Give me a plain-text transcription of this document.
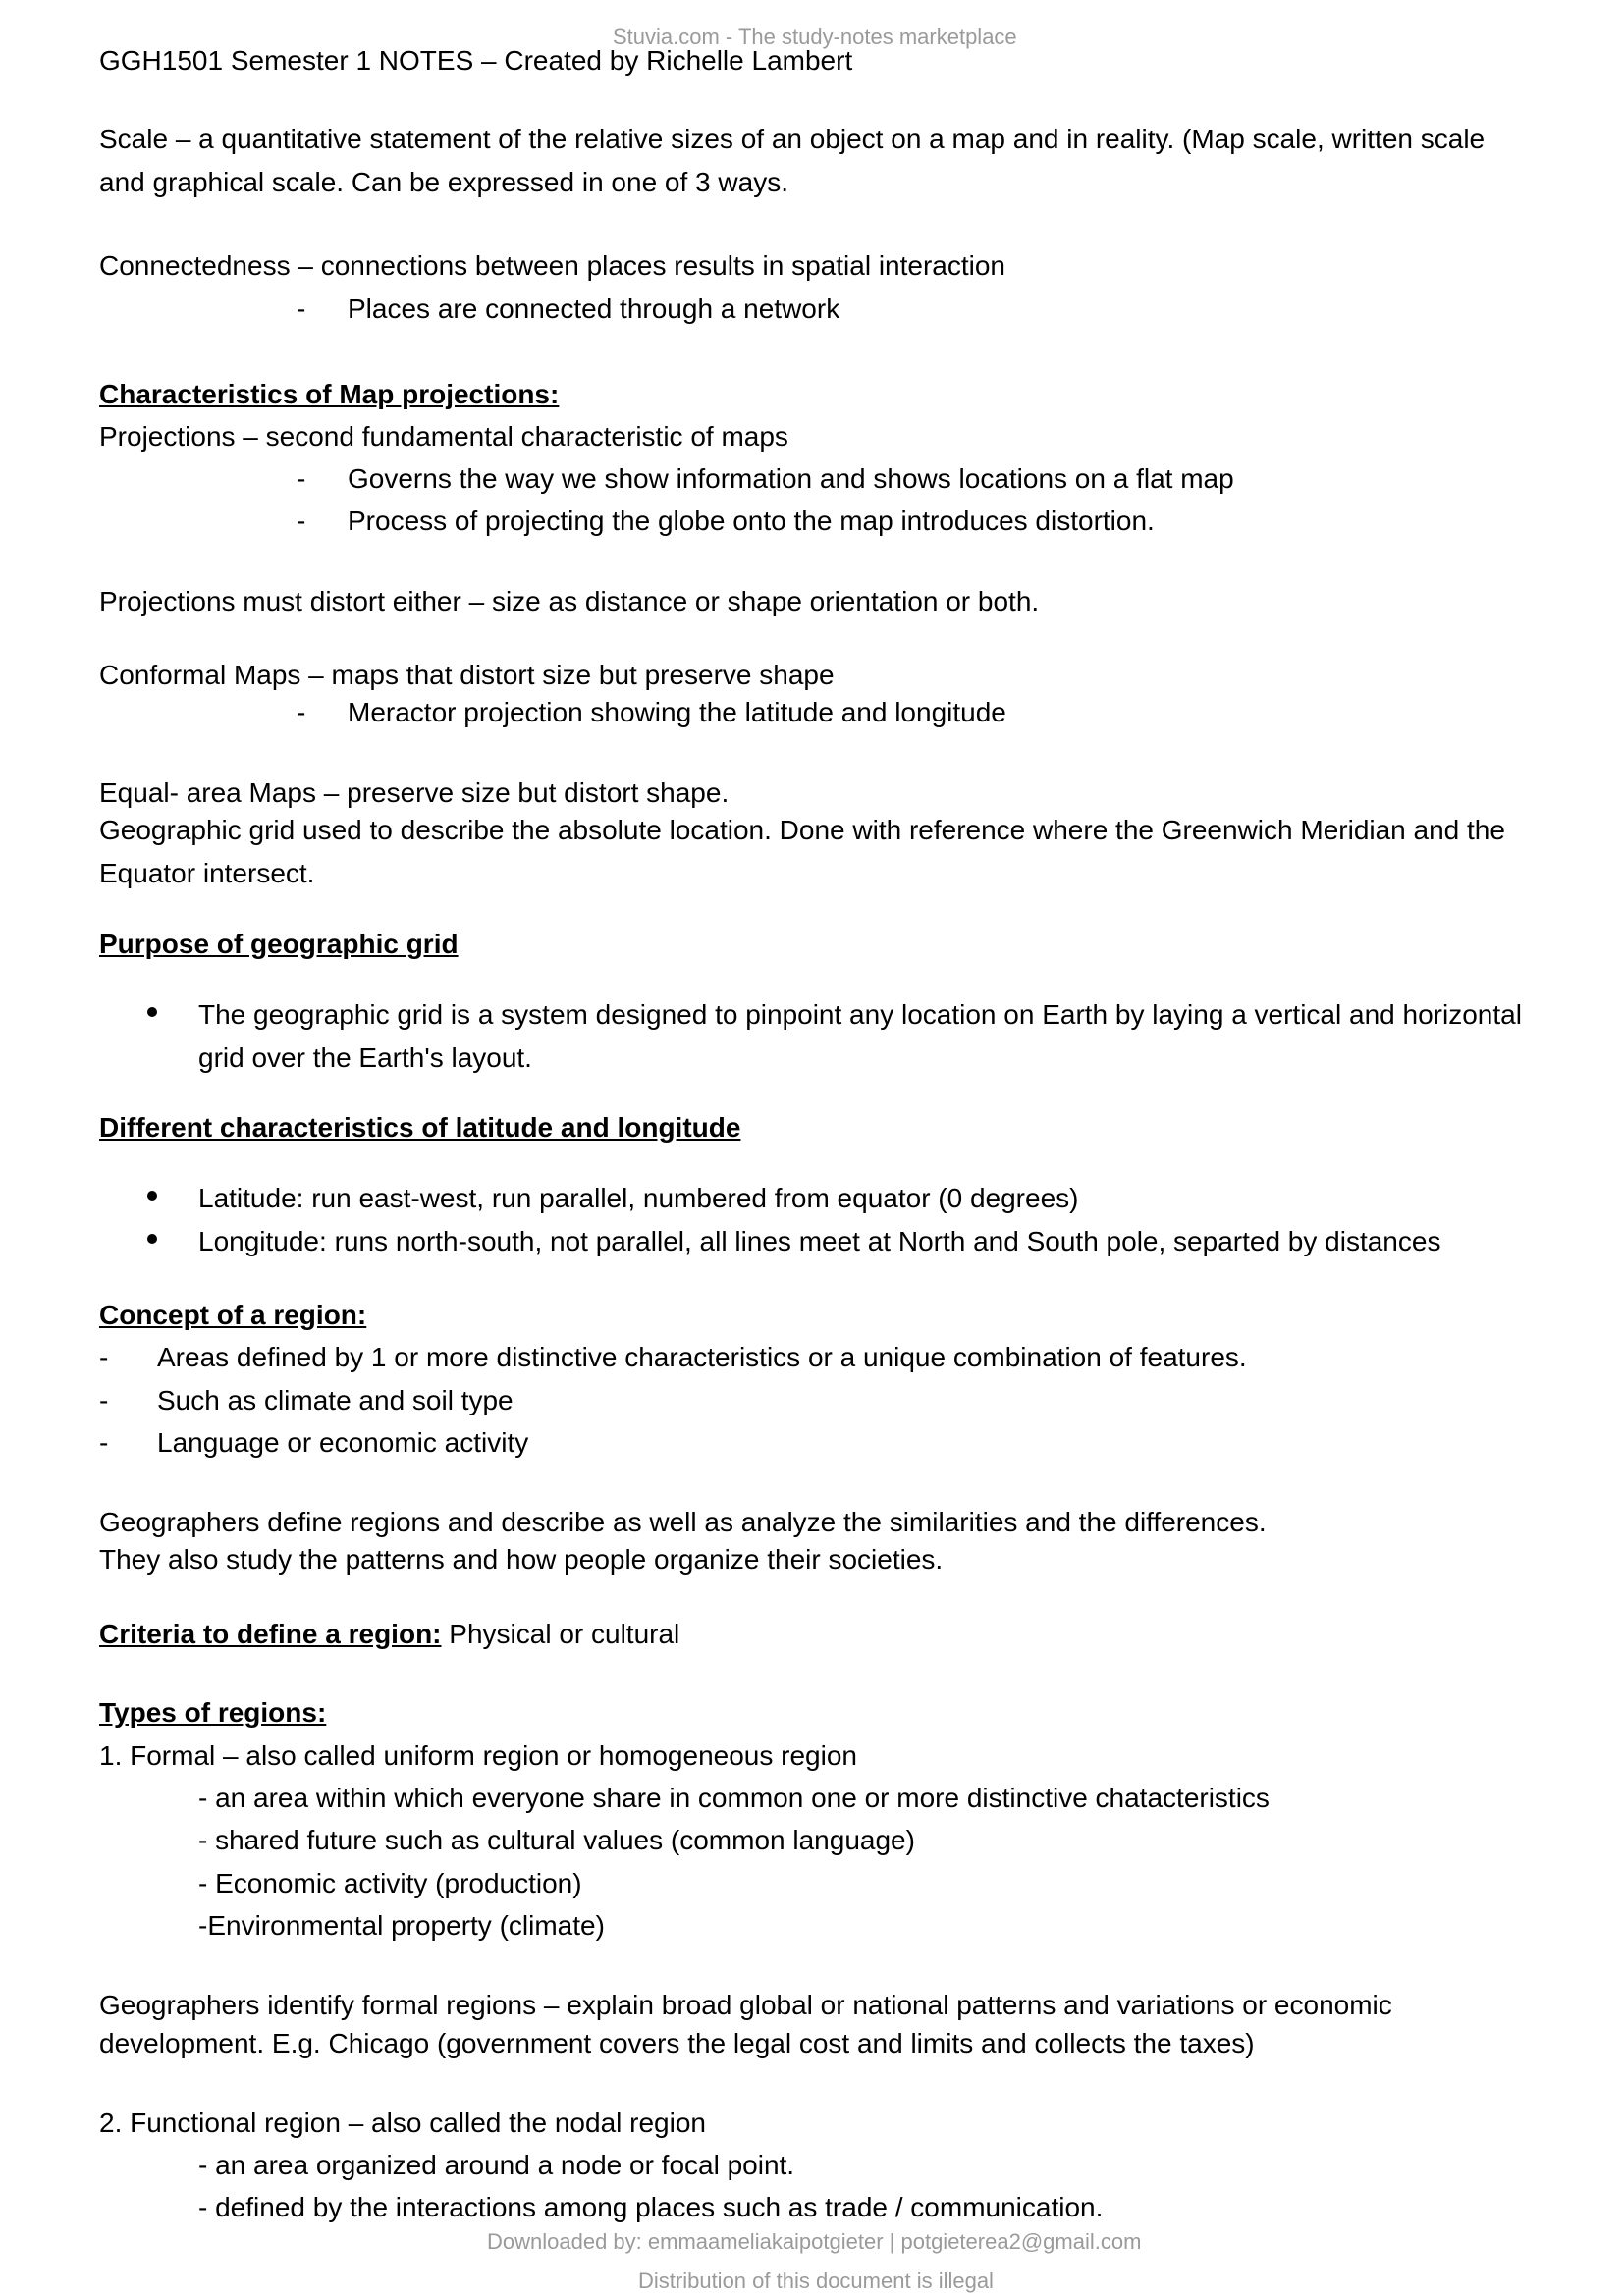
Stuvia.com - The study-notes marketplace
GGH1501 Semester 1 NOTES – Created by Richelle Lambert
Scale – a quantitative statement of the relative sizes of an object on a map and in reality. (Map scale, written scale
and graphical scale. Can be expressed in one of 3 ways.
Connectedness – connections between places results in spatial interaction
- Places are connected through a network
Characteristics of Map projections:
Projections – second fundamental characteristic of maps
- Governs the way we show information and shows locations on a flat map
- Process of projecting the globe onto the map introduces distortion.
Projections must distort either – size as distance or shape orientation or both.
Conformal Maps – maps that distort size but preserve shape
- Meractor projection showing the latitude and longitude
Equal- area Maps – preserve size but distort shape.
Geographic grid used to describe the absolute location. Done with reference where the Greenwich Meridian and the
Equator intersect.
Purpose of geographic grid
The geographic grid is a system designed to pinpoint any location on Earth by laying a vertical and horizontal
grid over the Earth's layout.
Different characteristics of latitude and longitude
Latitude: run east-west, run parallel, numbered from equator (0 degrees)
Longitude: runs north-south, not parallel, all lines meet at North and South pole, separted by distances
Concept of a region:
- Areas defined by 1 or more distinctive characteristics or a unique combination of features.
- Such as climate and soil type
- Language or economic activity
Geographers define regions and describe as well as analyze the similarities and the differences.
They also study the patterns and how people organize their societies.
Criteria to define a region: Physical or cultural
Types of regions:
1. Formal – also called uniform region or homogeneous region
- an area within which everyone share in common one or more distinctive chatacteristics
- shared future such as cultural values (common language)
- Economic activity (production)
-Environmental property (climate)
Geographers identify formal regions – explain broad global or national patterns and variations or economic
development. E.g. Chicago (government covers the legal cost and limits and collects the taxes)
2. Functional region – also called the nodal region
- an area organized around a node or focal point.
- defined by the interactions among places such as trade / communication.
Downloaded by: emmaameliakaipotgieter | potgieterea2@gmail.com
Distribution of this document is illegal
